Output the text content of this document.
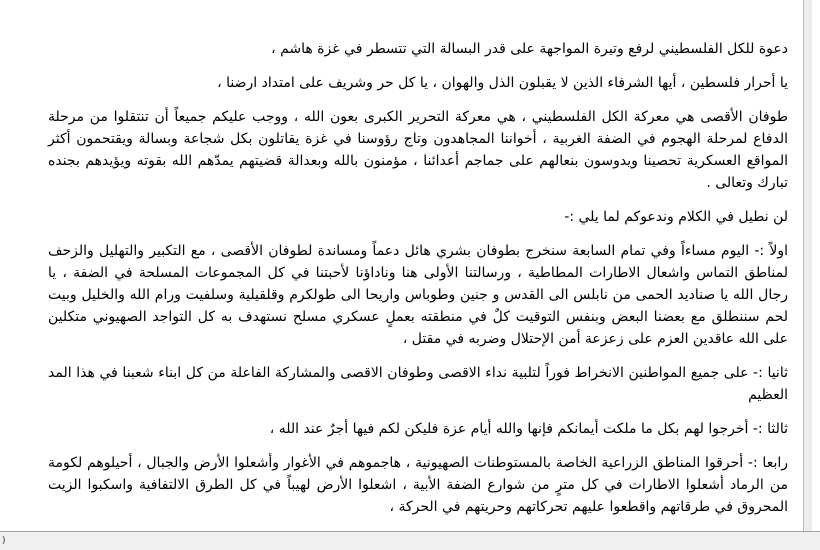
دعوة للكل الفلسطيني لرفع وتيرة المواجهة على قدر البسالة التي تتسطر في غزة هاشم ،

يا أحرار فلسطين ، أيها الشرفاء الذين لا يقبلون الذل والهوان ، يا كل حر وشريف على امتداد ارضنا ،

طوفان الأقصى هي معركة الكل الفلسطيني ، هي معركة التحرير الكبرى بعون الله ، ووجب عليكم جميعاً أن تنتقلوا من مرحلة الدفاع لمرحلة الهجوم في الضفة الغربية ، أخواننا المجاهدون وتاج رؤوسنا في غزة يقاتلون بكل شجاعة وبسالة ويقتحمون أكثر المواقع العسكرية تحصينا ويدوسون بنعالهم على جماجم أعدائنا ، مؤمنون بالله وبعدالة قضيتهم يمدّهم الله بقوته ويؤيدهم بجنده تبارك وتعالى .

لن نطيل في الكلام وندعوكم لما يلي :-

اولاً :- اليوم مساءاً وفي تمام السابعة سنخرج بطوفان بشري هائل دعماً ومساندة لطوفان الأقصى ، مع التكبير والتهليل والزحف لمناطق التماس واشعال الاطارات المطاطية ، ورسالتنا الأولى هنا وناداؤنا لأحبتنا في كل المجموعات المسلحة في الضفة ، يا رجال الله يا صناديد الحمى من نابلس الى القدس و جنين وطوباس واريحا الى طولكرم وقلقيلية وسلفيت ورام الله والخليل وبيت لحم سننطلق مع بعضنا البعض وبنفس التوقيت كلٌ في منطقته بعملٍ عسكري مسلح نستهدف به كل التواجد الصهيوني متكلين على الله عاقدين العزم على زعزعة أمن الإحتلال وضربه في مقتل ،

ثانيا :- على جميع المواطنين الانخراط فوراً لتلبية نداء الاقصى وطوفان الاقصى والمشاركة الفاعلة من كل ابناء شعبنا في هذا المد العظيم

ثالثا :- أخرجوا لهم بكل ما ملكت أيمانكم فإنها والله أيام عزة فليكن لكم فيها أجرٌ عند الله ،

رابعا :- أحرقوا المناطق الزراعية الخاصة بالمستوطنات الصهيونية ، هاجموهم في الأغوار وأشعلوا الأرض والجبال ، أحيلوهم لكومة من الرماد أشعلوا الاطارات في كل مترٍ من شوارع الضفة الأبية ، اشعلوا الأرض لهيباً في كل الطرق الالتفافية واسكبوا الزيت المحروق في طرقاتهم واقطعوا عليهم تحركاتهم وحريتهم في الحركة ،

)
